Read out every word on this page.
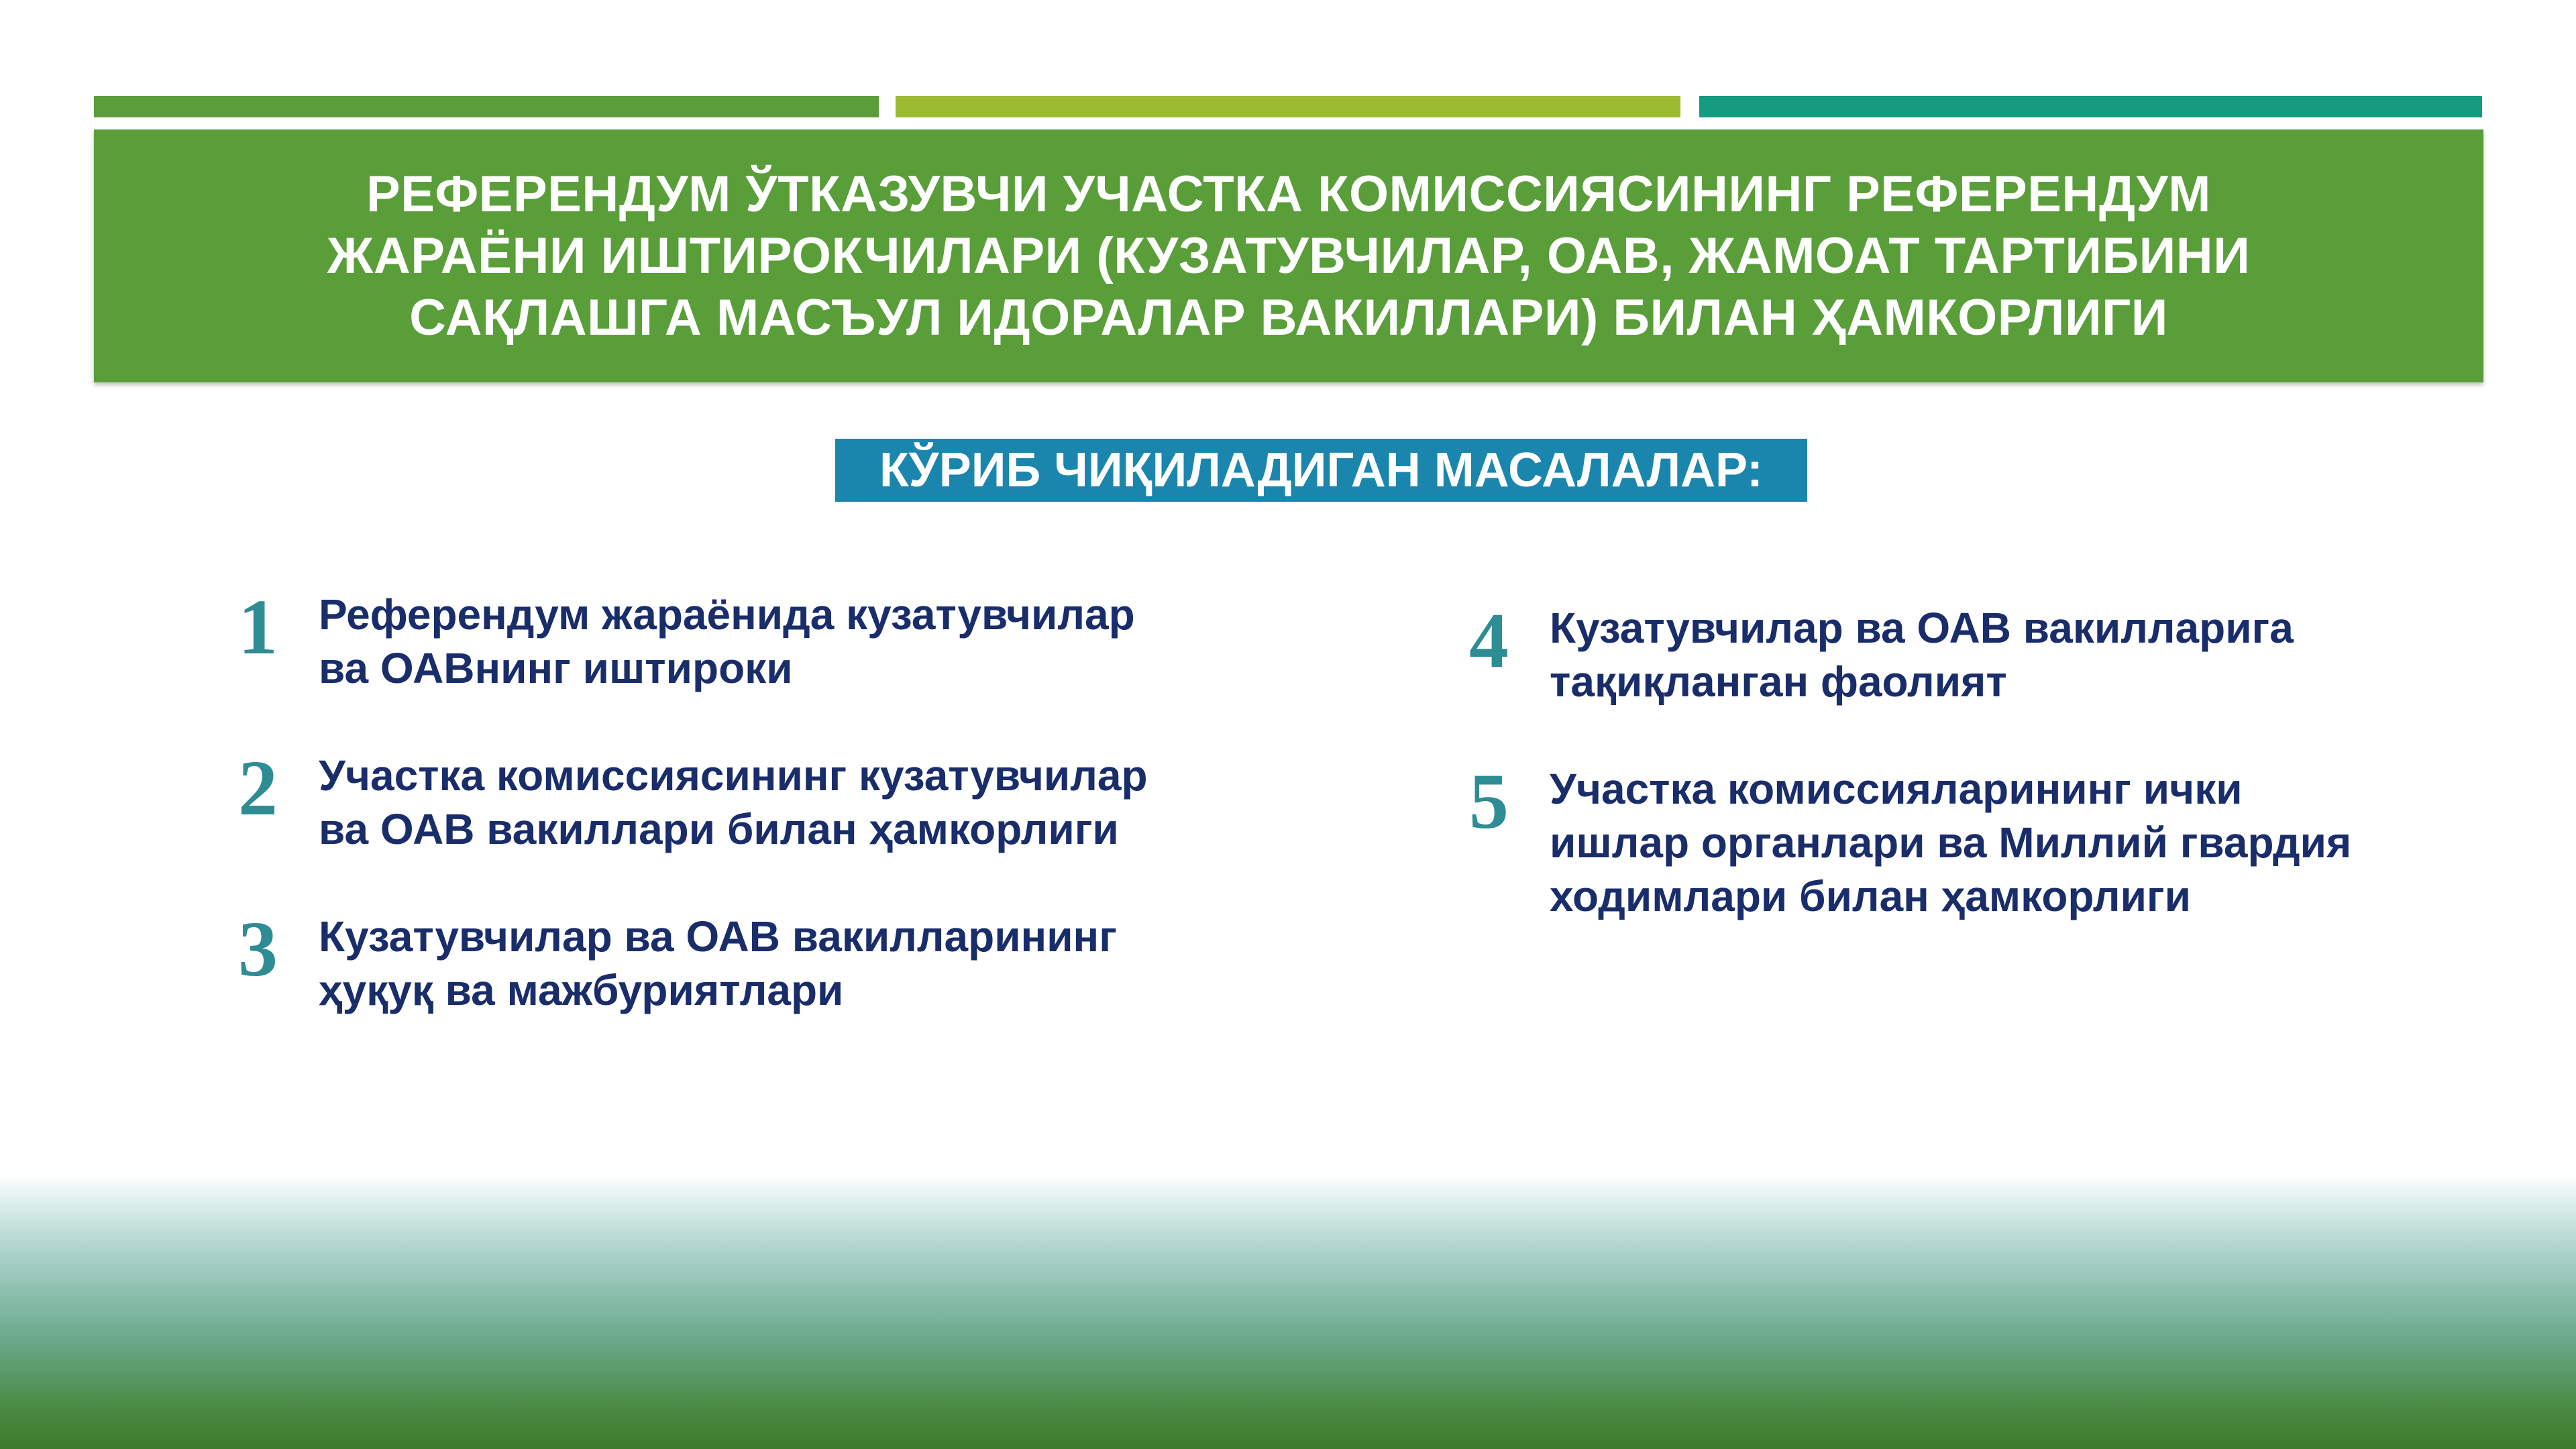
РЕФЕРЕНДУМ ЎТКАЗУВЧИ УЧАСТКА КОМИССИЯСИНИНГ РЕФЕРЕНДУМ
ЖАРАЁНИ ИШТИРОКЧИЛАРИ (КУЗАТУВЧИЛАР, ОАВ, ЖАМОАТ ТАРТИБИНИ
САҚЛАШГА МАСЪУЛ ИДОРАЛАР ВАКИЛЛАРИ) БИЛАН ҲАМКОРЛИГИ
КЎРИБ ЧИҚИЛАДИГАН МАСАЛАЛАР:
1 Референдум жараёнида кузатувчилар
ва ОАВнинг иштироки
2 Участка комиссиясининг кузатувчилар
ва ОАВ вакиллари билан ҳамкорлиги
3 Кузатувчилар ва ОАВ вакилларининг
ҳуқуқ ва мажбуриятлари
4 Кузатувчилар ва ОАВ вакилларига
тақиқланган фаолият
5 Участка комиссияларининг ички
ишлар органлари ва Миллий гвардия
ходимлари билан ҳамкорлиги
